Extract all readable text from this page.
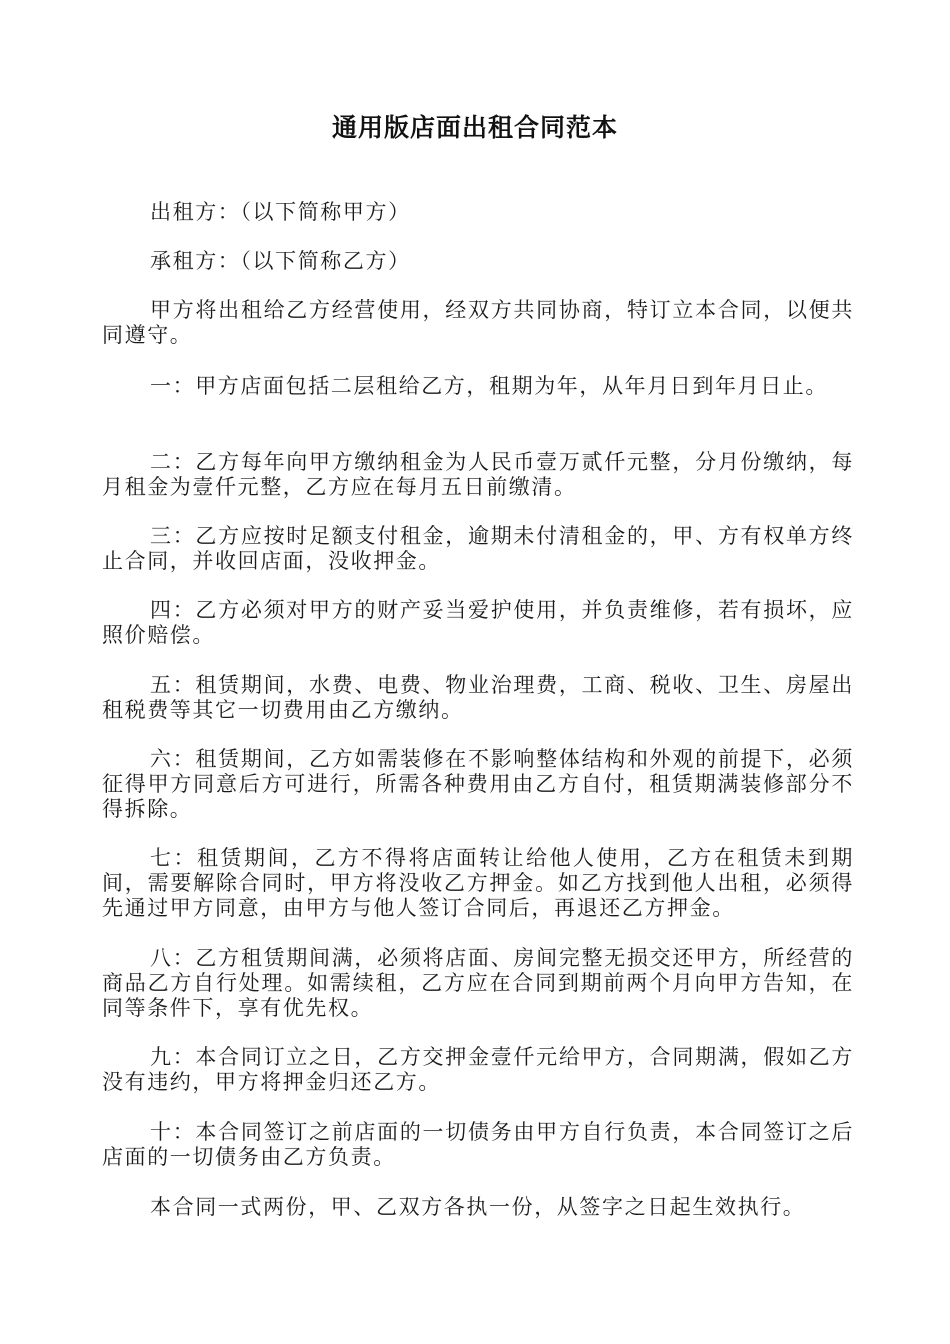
通用版店面出租合同范本

出租方：（以下简称甲方）

承租方：（以下简称乙方）

甲方将出租给乙方经营使用，经双方共同协商，特订立本合同，以便共同遵守。

一：甲方店面包括二层租给乙方，租期为年，从年月日到年月日止。

二：乙方每年向甲方缴纳租金为人民币壹万贰仟元整，分月份缴纳，每月租金为壹仟元整，乙方应在每月五日前缴清。

三：乙方应按时足额支付租金，逾期未付清租金的，甲、方有权单方终止合同，并收回店面，没收押金。

四：乙方必须对甲方的财产妥当爱护使用，并负责维修，若有损坏，应照价赔偿。

五：租赁期间，水费、电费、物业治理费，工商、税收、卫生、房屋出租税费等其它一切费用由乙方缴纳。

六：租赁期间，乙方如需装修在不影响整体结构和外观的前提下，必须征得甲方同意后方可进行，所需各种费用由乙方自付，租赁期满装修部分不得拆除。

七：租赁期间，乙方不得将店面转让给他人使用，乙方在租赁未到期间，需要解除合同时，甲方将没收乙方押金。如乙方找到他人出租，必须得先通过甲方同意，由甲方与他人签订合同后，再退还乙方押金。

八：乙方租赁期间满，必须将店面、房间完整无损交还甲方，所经营的商品乙方自行处理。如需续租，乙方应在合同到期前两个月向甲方告知，在同等条件下，享有优先权。

九：本合同订立之日，乙方交押金壹仟元给甲方，合同期满，假如乙方没有违约，甲方将押金归还乙方。

十：本合同签订之前店面的一切债务由甲方自行负责，本合同签订之后店面的一切债务由乙方负责。

本合同一式两份，甲、乙双方各执一份，从签字之日起生效执行。
